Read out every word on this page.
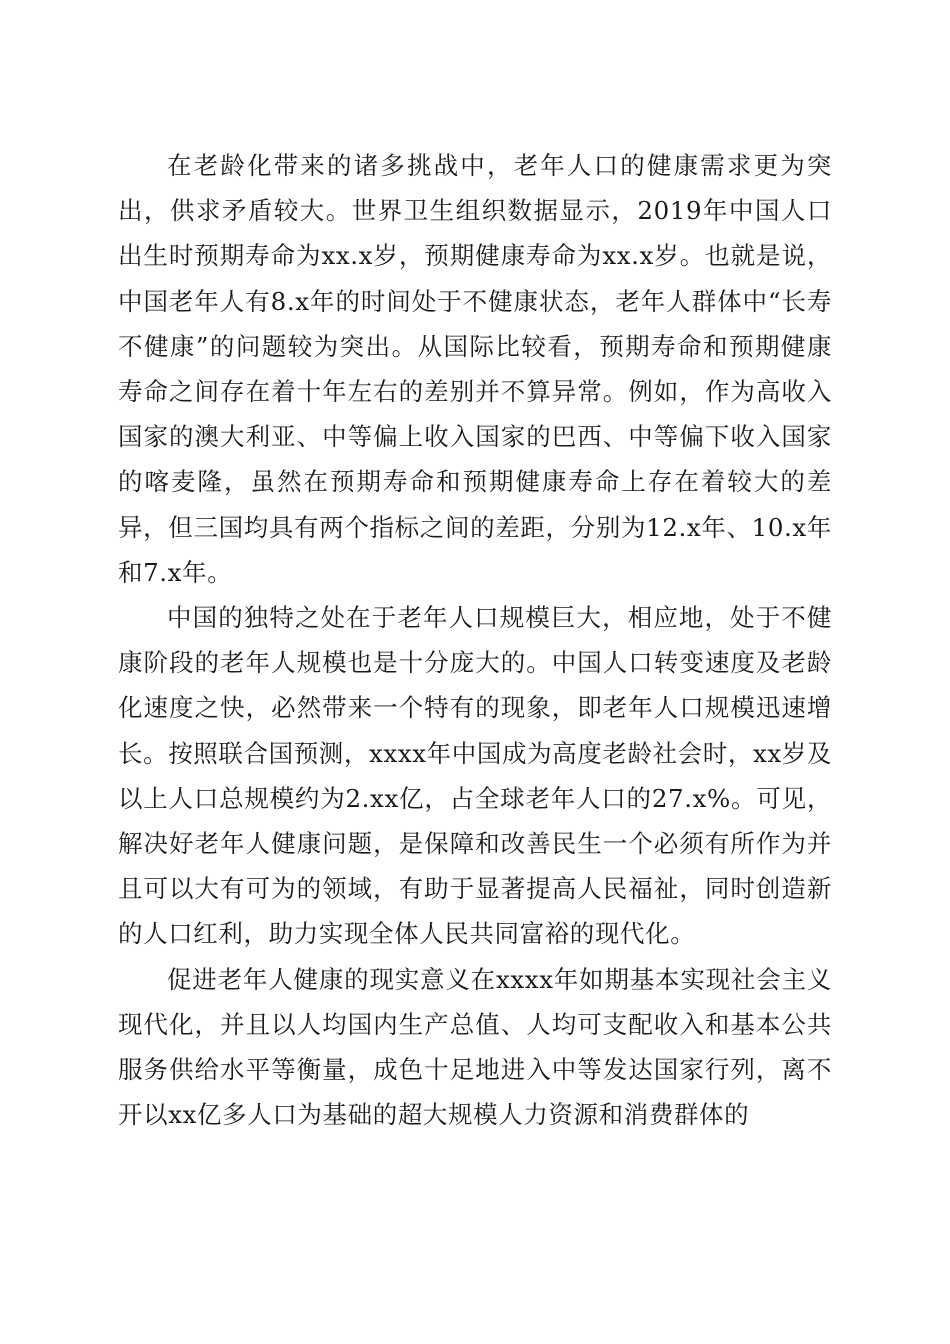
在老龄化带来的诸多挑战中，老年人口的健康需求更为突出，供求矛盾较大。世界卫生组织数据显示，2019年中国人口出生时预期寿命为xx.x岁，预期健康寿命为xx.x岁。也就是说，中国老年人有8.x年的时间处于不健康状态，老年人群体中“长寿不健康”的问题较为突出。从国际比较看，预期寿命和预期健康寿命之间存在着十年左右的差别并不算异常。例如，作为高收入国家的澳大利亚、中等偏上收入国家的巴西、中等偏下收入国家的喀麦隆，虽然在预期寿命和预期健康寿命上存在着较大的差异，但三国均具有两个指标之间的差距，分别为12.x年、10.x年和7.x年。

中国的独特之处在于老年人口规模巨大，相应地，处于不健康阶段的老年人规模也是十分庞大的。中国人口转变速度及老龄化速度之快，必然带来一个特有的现象，即老年人口规模迅速增长。按照联合国预测，xxxx年中国成为高度老龄社会时，xx岁及以上人口总规模约为2.xx亿，占全球老年人口的27.x%。可见，解决好老年人健康问题，是保障和改善民生一个必须有所作为并且可以大有可为的领域，有助于显著提高人民福祉，同时创造新的人口红利，助力实现全体人民共同富裕的现代化。

促进老年人健康的现实意义在xxxx年如期基本实现社会主义现代化，并且以人均国内生产总值、人均可支配收入和基本公共服务供给水平等衡量，成色十足地进入中等发达国家行列，离不开以xx亿多人口为基础的超大规模人力资源和消费群体的
